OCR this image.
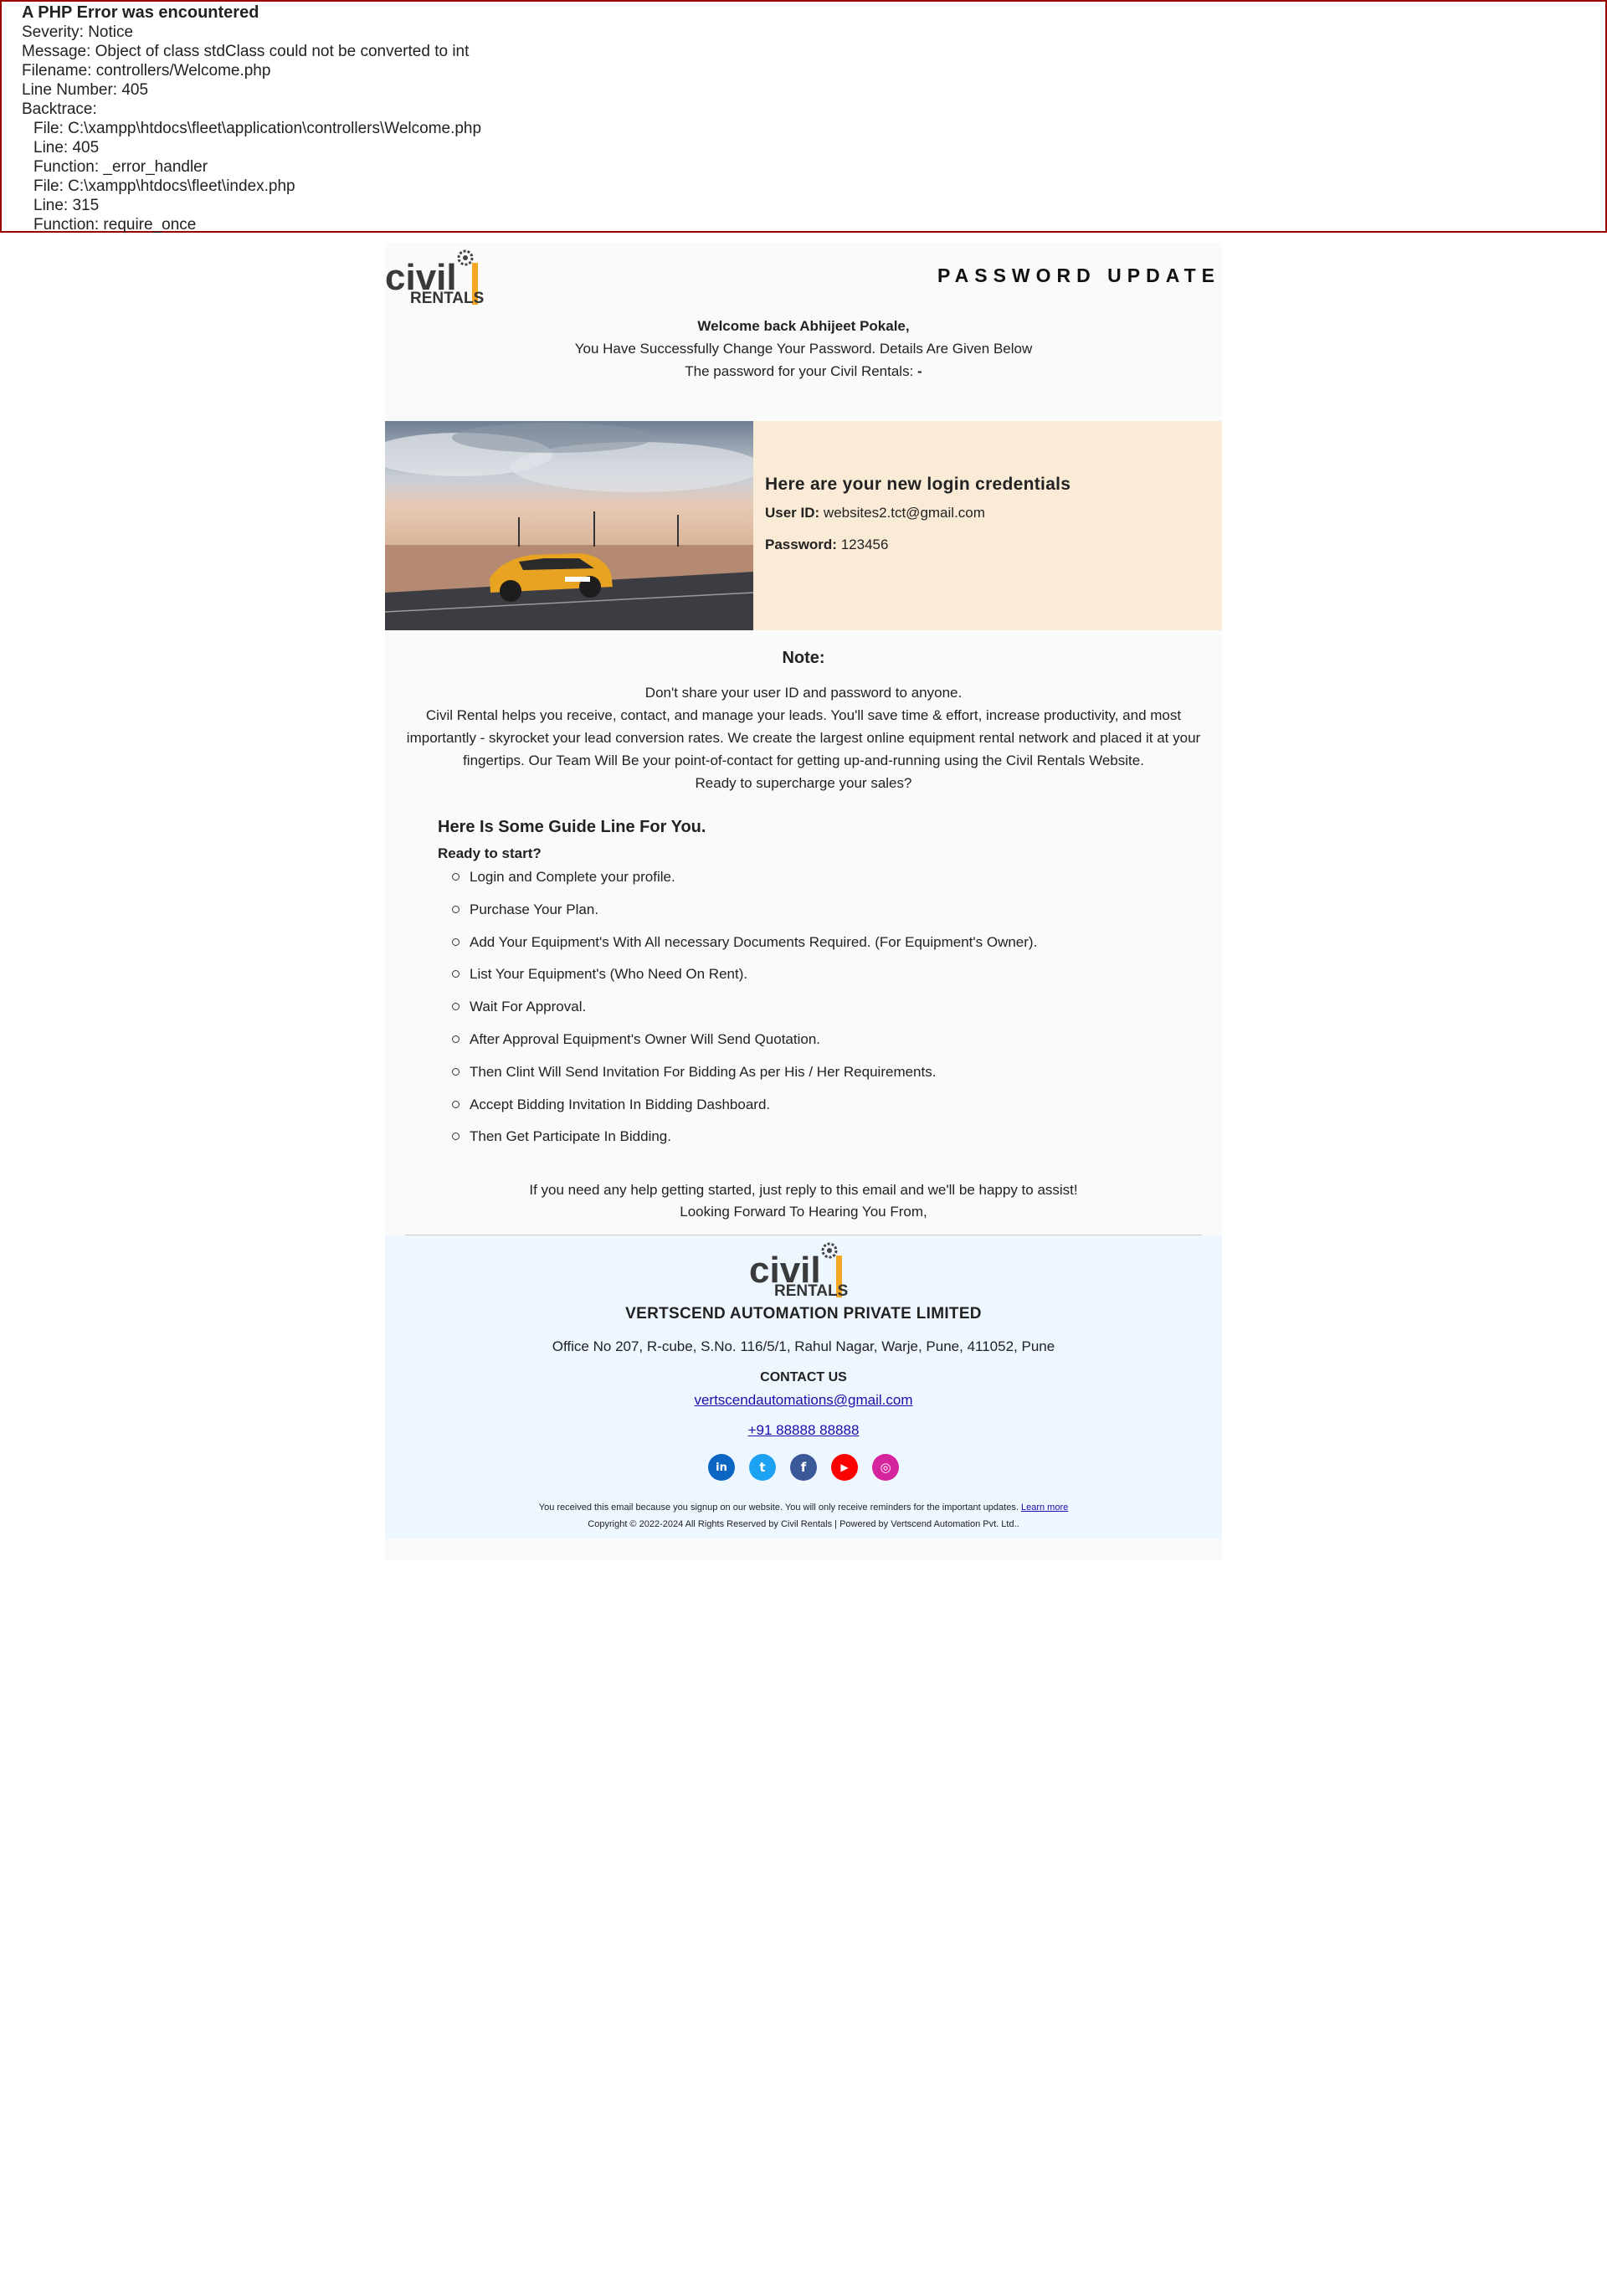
A PHP Error was encountered
Severity: Notice
Message: Object of class stdClass could not be converted to int
Filename: controllers/Welcome.php
Line Number: 405
Backtrace:
File: C:\xampp\htdocs\fleet\application\controllers\Welcome.php
Line: 405
Function: _error_handler
File: C:\xampp\htdocs\fleet\index.php
Line: 315
Function: require_once
civil
RENTALS
PASSWORD UPDATE
Welcome back Abhijeet Pokale,
You Have Successfully Change Your Password. Details Are Given Below
The password for your Civil Rentals: -
Here are your new login credentials
User ID: websites2.tct@gmail.com
Password: 123456
Note:
Don't share your user ID and password to anyone.
Civil Rental helps you receive, contact, and manage your leads. You'll save time & effort, increase productivity, and most importantly - skyrocket your lead conversion rates. We create the largest online equipment rental network and placed it at your fingertips. Our Team Will Be your point-of-contact for getting up-and-running using the Civil Rentals Website.
Ready to supercharge your sales?
Here Is Some Guide Line For You.
Ready to start?
Login and Complete your profile.
Purchase Your Plan.
Add Your Equipment's With All necessary Documents Required. (For Equipment's Owner).
List Your Equipment's (Who Need On Rent).
Wait For Approval.
After Approval Equipment's Owner Will Send Quotation.
Then Clint Will Send Invitation For Bidding As per His / Her Requirements.
Accept Bidding Invitation In Bidding Dashboard.
Then Get Participate In Bidding.
If you need any help getting started, just reply to this email and we'll be happy to assist!
Looking Forward To Hearing You From,
civil
RENTALS
VERTSCEND AUTOMATION PRIVATE LIMITED
Office No 207, R-cube, S.No. 116/5/1, Rahul Nagar, Warje, Pune, 411052, Pune
CONTACT US
vertscendautomations@gmail.com
+91 88888 88888
in	t	f	▶	◎
You received this email because you signup on our website. You will only receive reminders for the important updates. Learn more
Copyright © 2022-2024 All Rights Reserved by Civil Rentals | Powered by Vertscend Automation Pvt. Ltd..
